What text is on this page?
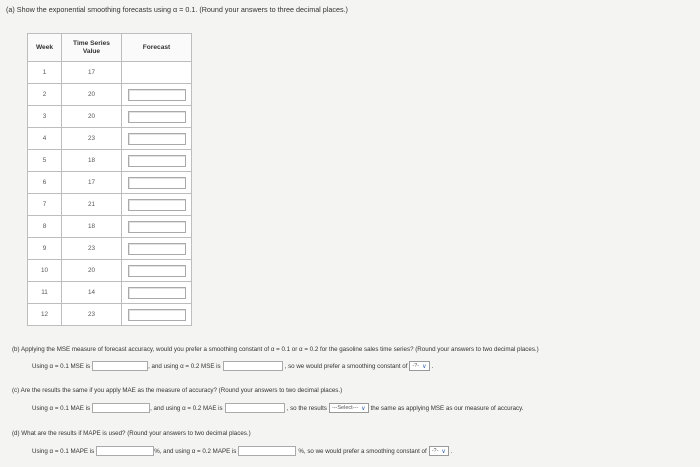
(a) Show the exponential smoothing forecasts using α = 0.1. (Round your answers to three decimal places.)
Week	Time Series Value	Forecast
1	17	
2	20	

3	20	

4	23	

5	18	

6	17	

7	21	

8	18	

9	23	

10	20	

11	14	

12	23	
(b) Applying the MSE measure of forecast accuracy, would you prefer a smoothing constant of α = 0.1 or α = 0.2 for the gasoline sales time series? (Round your answers to two decimal places.)
Using α = 0.1 MSE is	, and using α = 0.2 MSE is	, so we would prefer a smoothing constant of -?- ∨ .
(c) Are the results the same if you apply MAE as the measure of accuracy? (Round your answers to two decimal places.)
Using α = 0.1 MAE is	, and using α = 0.2 MAE is	, so the results ---Select--- ∨ the same as applying MSE as our measure of accuracy.
(d) What are the results if MAPE is used? (Round your answers to two decimal places.)
Using α = 0.1 MAPE is	%, and using α = 0.2 MAPE is	%, so we would prefer a smoothing constant of -?- ∨ .
